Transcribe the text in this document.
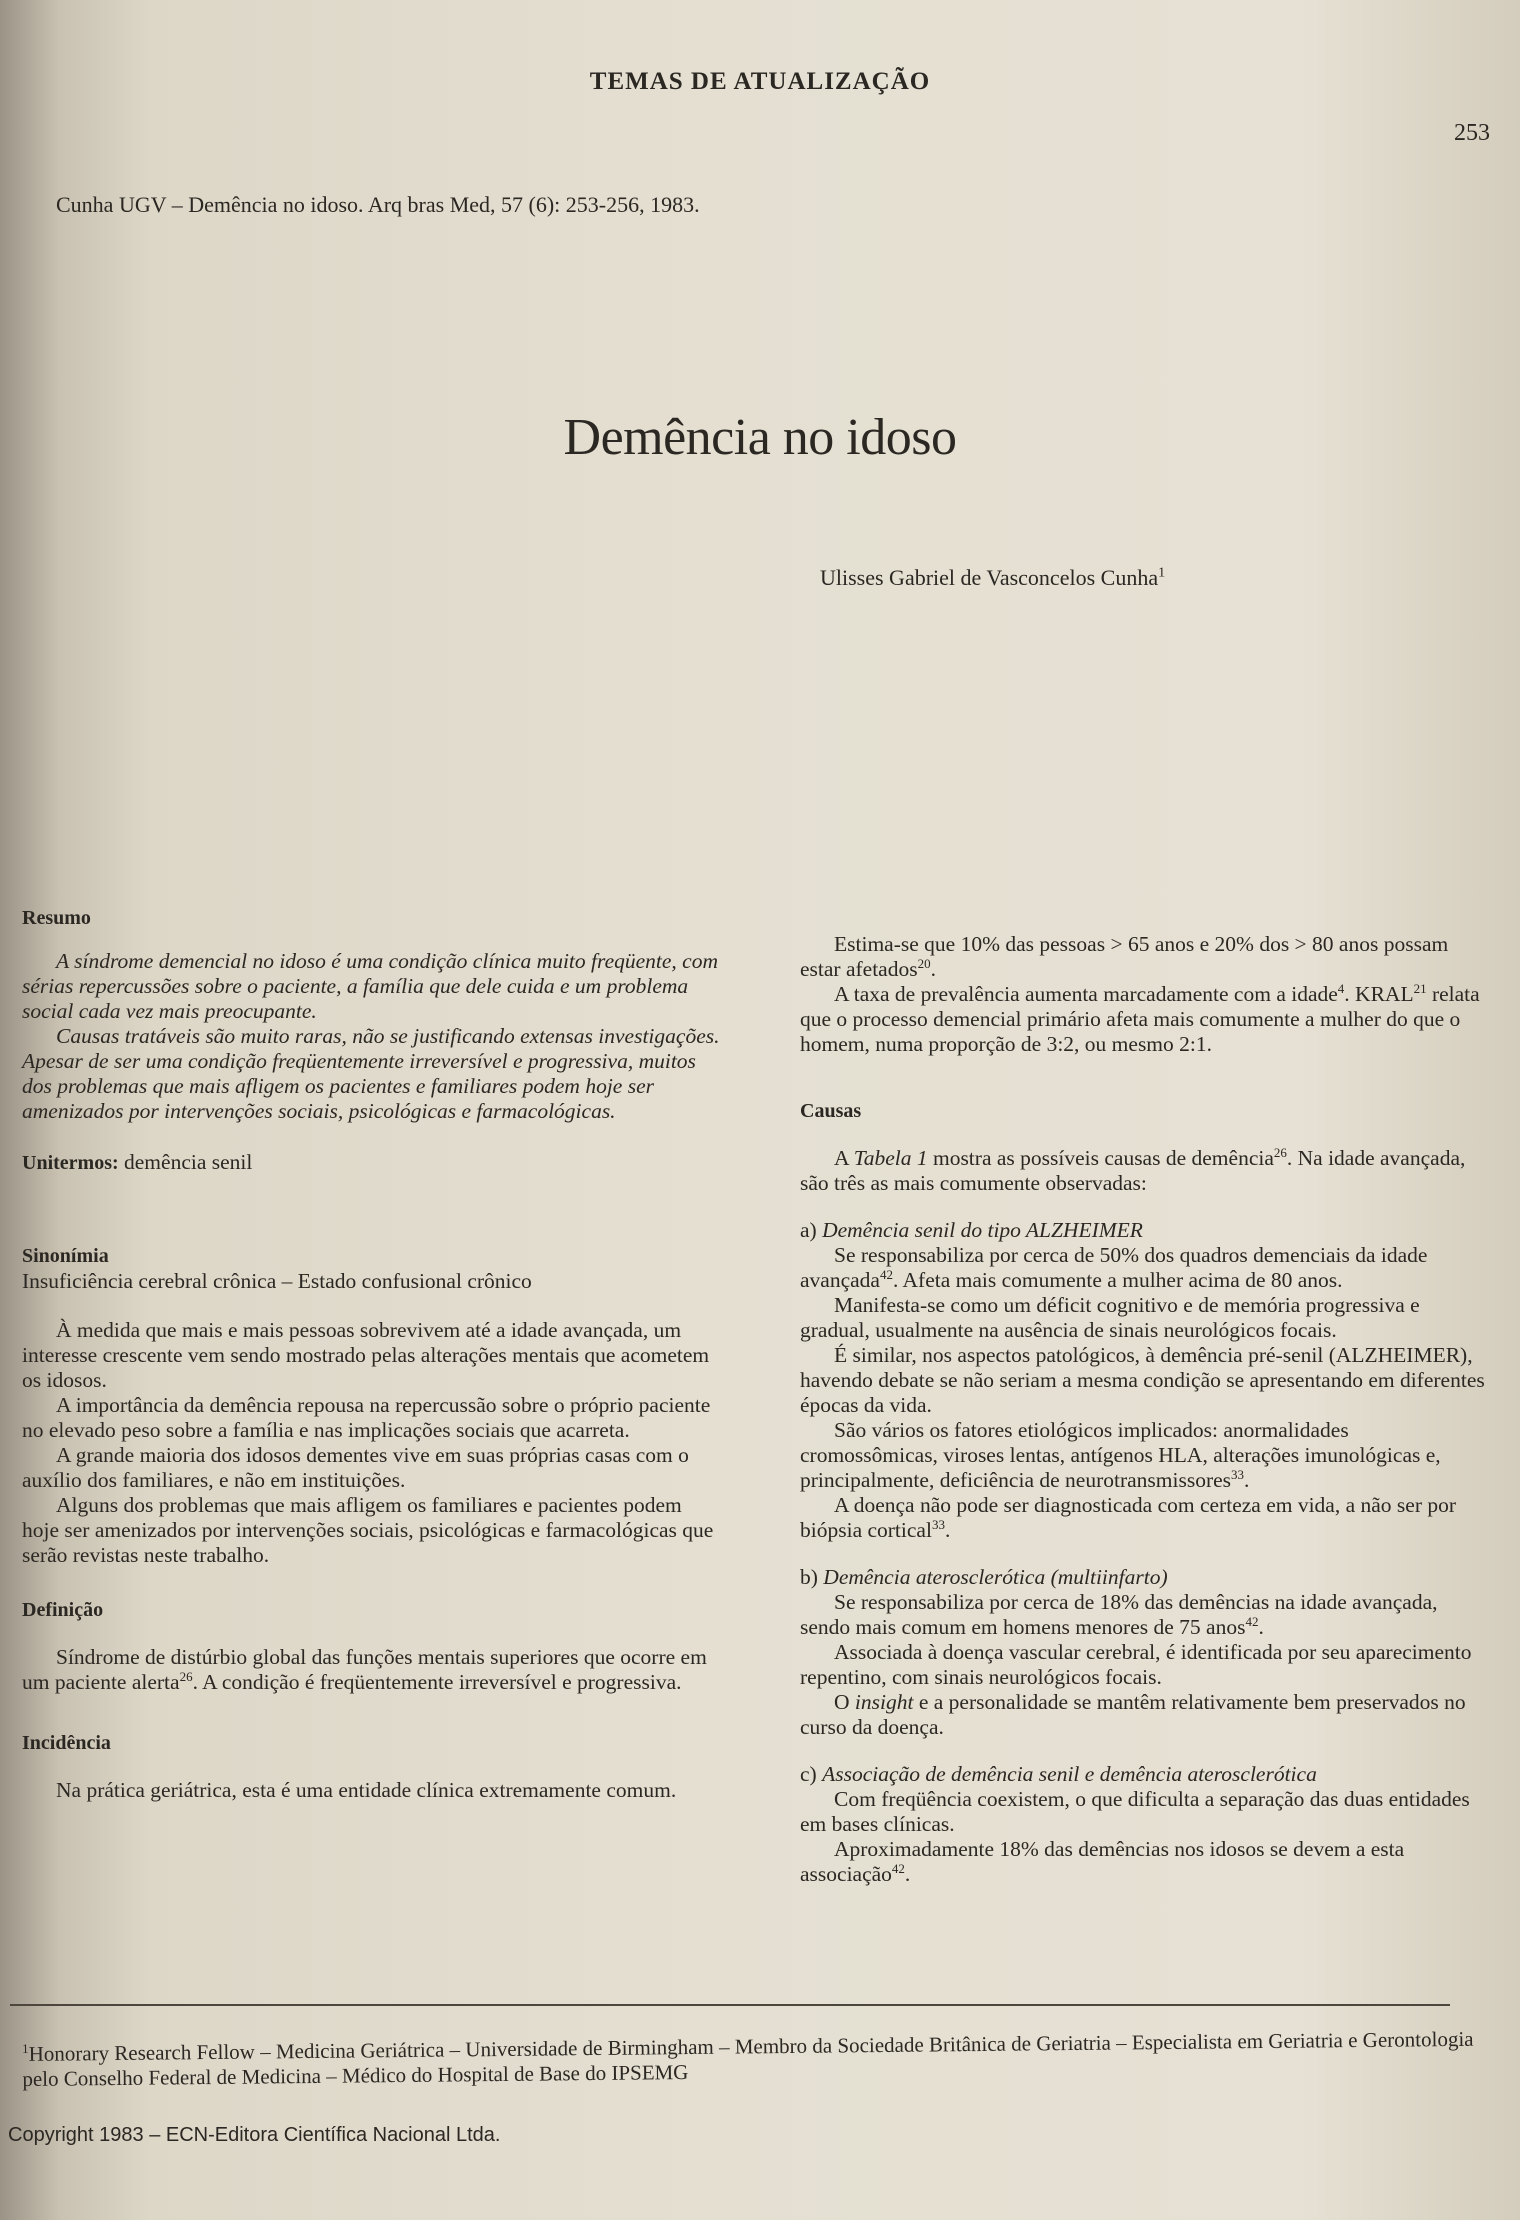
TEMAS DE ATUALIZAÇÃO
253
Cunha UGV – Demência no idoso. Arq bras Med, 57 (6): 253-256, 1983.
Demência no idoso
Ulisses Gabriel de Vasconcelos Cunha$^1$

Resumo

A síndrome demencial no idoso é uma condição clínica muito freqüente, com sérias repercussões sobre o paciente, a família que dele cuida e um problema social cada vez mais preocupante.

Causas tratáveis são muito raras, não se justificando extensas investigações. Apesar de ser uma condição freqüentemente irreversível e progressiva, muitos dos problemas que mais afligem os pacientes e familiares podem hoje ser amenizados por intervenções sociais, psicológicas e farmacológicas.

Unitermos: demência senil

Sinonímia

Insuficiência cerebral crônica – Estado confusional crônico

À medida que mais e mais pessoas sobrevivem até a idade avançada, um interesse crescente vem sendo mostrado pelas alterações mentais que acometem os idosos.

A importância da demência repousa na repercussão sobre o próprio paciente no elevado peso sobre a família e nas implicações sociais que acarreta.

A grande maioria dos idosos dementes vive em suas próprias casas com o auxílio dos familiares, e não em instituições.

Alguns dos problemas que mais afligem os familiares e pacientes podem hoje ser amenizados por intervenções sociais, psicológicas e farmacológicas que serão revistas neste trabalho.

Definição

Síndrome de distúrbio global das funções mentais superiores que ocorre em um paciente alerta$^{26}$. A condição é freqüentemente irreversível e progressiva.

Incidência

Na prática geriátrica, esta é uma entidade clínica extremamente comum.

Estima-se que 10% das pessoas > 65 anos e 20% dos > 80 anos possam estar afetados$^{20}$.

A taxa de prevalência aumenta marcadamente com a idade$^4$. KRAL$^{21}$ relata que o processo demencial primário afeta mais comumente a mulher do que o homem, numa proporção de 3:2, ou mesmo 2:1.

Causas

A Tabela 1 mostra as possíveis causas de demência$^{26}$. Na idade avançada, são três as mais comumente observadas:

a) Demência senil do tipo ALZHEIMER

Se responsabiliza por cerca de 50% dos quadros demenciais da idade avançada$^{42}$. Afeta mais comumente a mulher acima de 80 anos.

Manifesta-se como um déficit cognitivo e de memória progressiva e gradual, usualmente na ausência de sinais neurológicos focais.

É similar, nos aspectos patológicos, à demência pré-senil (ALZHEIMER), havendo debate se não seriam a mesma condição se apresentando em diferentes épocas da vida.

São vários os fatores etiológicos implicados: anormalidades cromossômicas, viroses lentas, antígenos HLA, alterações imunológicas e, principalmente, deficiência de neurotransmissores$^{33}$.

A doença não pode ser diagnosticada com certeza em vida, a não ser por biópsia cortical$^{33}$.

b) Demência aterosclerótica (multiinfarto)

Se responsabiliza por cerca de 18% das demências na idade avançada, sendo mais comum em homens menores de 75 anos$^{42}$.

Associada à doença vascular cerebral, é identificada por seu aparecimento repentino, com sinais neurológicos focais.

O insight e a personalidade se mantêm relativamente bem preservados no curso da doença.

c) Associação de demência senil e demência aterosclerótica

Com freqüência coexistem, o que dificulta a separação das duas entidades em bases clínicas.

Aproximadamente 18% das demências nos idosos se devem a esta associação$^{42}$.

$^1$Honorary Research Fellow – Medicina Geriátrica – Universidade de Birmingham – Membro da Sociedade Britânica de Geriatria – Especialista em Geriatria e Gerontologia pelo Conselho Federal de Medicina – Médico do Hospital de Base do IPSEMG
Copyright 1983 – ECN-Editora Científica Nacional Ltda.
